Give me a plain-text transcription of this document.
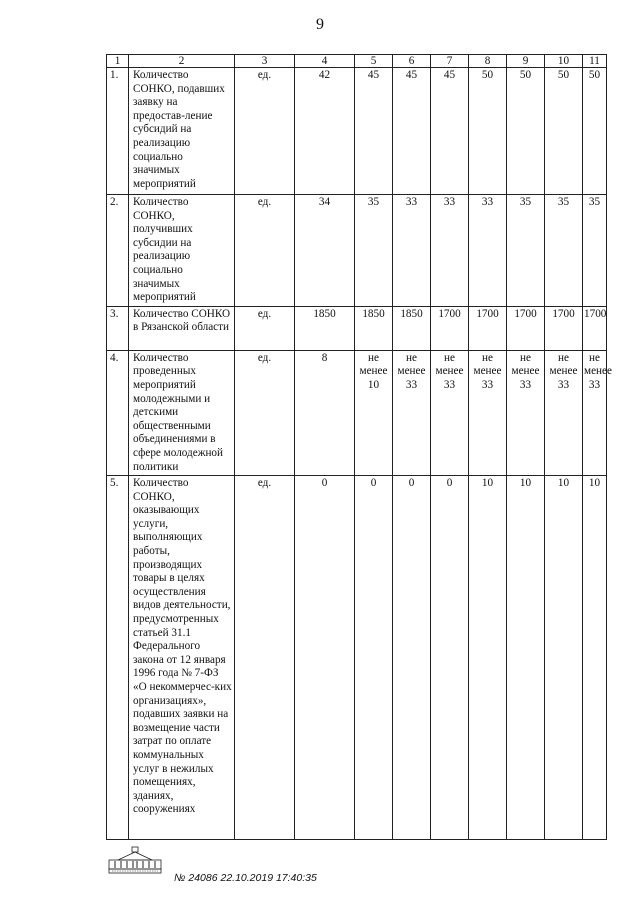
9
1	2	3	4	5	6	7	8	9	10	11
1.	Количество СОНКО, подавших заявку на предостав-ление субсидий на реализацию социально значимых мероприятий	ед.	42	45	45	45	50	50	50	50
2.	Количество СОНКО, получивших субсидии на реализацию социально значимых мероприятий	ед.	34	35	33	33	33	35	35	35
3.	Количество СОНКО в Рязанской области	ед.	1850	1850	1850	1700	1700	1700	1700	1700
4.	Количество проведенных мероприятий молодежными и детскими общественными объединениями в сфере молодежной политики	ед.	8	не менее 10	не менее 33	не менее 33	не менее 33	не менее 33	не менее 33	не менее 33
5.	Количество СОНКО, оказывающих услуги, выполняющих работы, производящих товары в целях осуществления видов деятельности, предусмотренных статьей 31.1 Федерального закона от 12 января 1996 года № 7-ФЗ «О некоммерчес-ких организациях», подавших заявки на возмещение части затрат по оплате коммунальных услуг в нежилых помещениях, зданиях, сооружениях	ед.	0	0	0	0	10	10	10	10
№ 24086 22.10.2019 17:40:35
